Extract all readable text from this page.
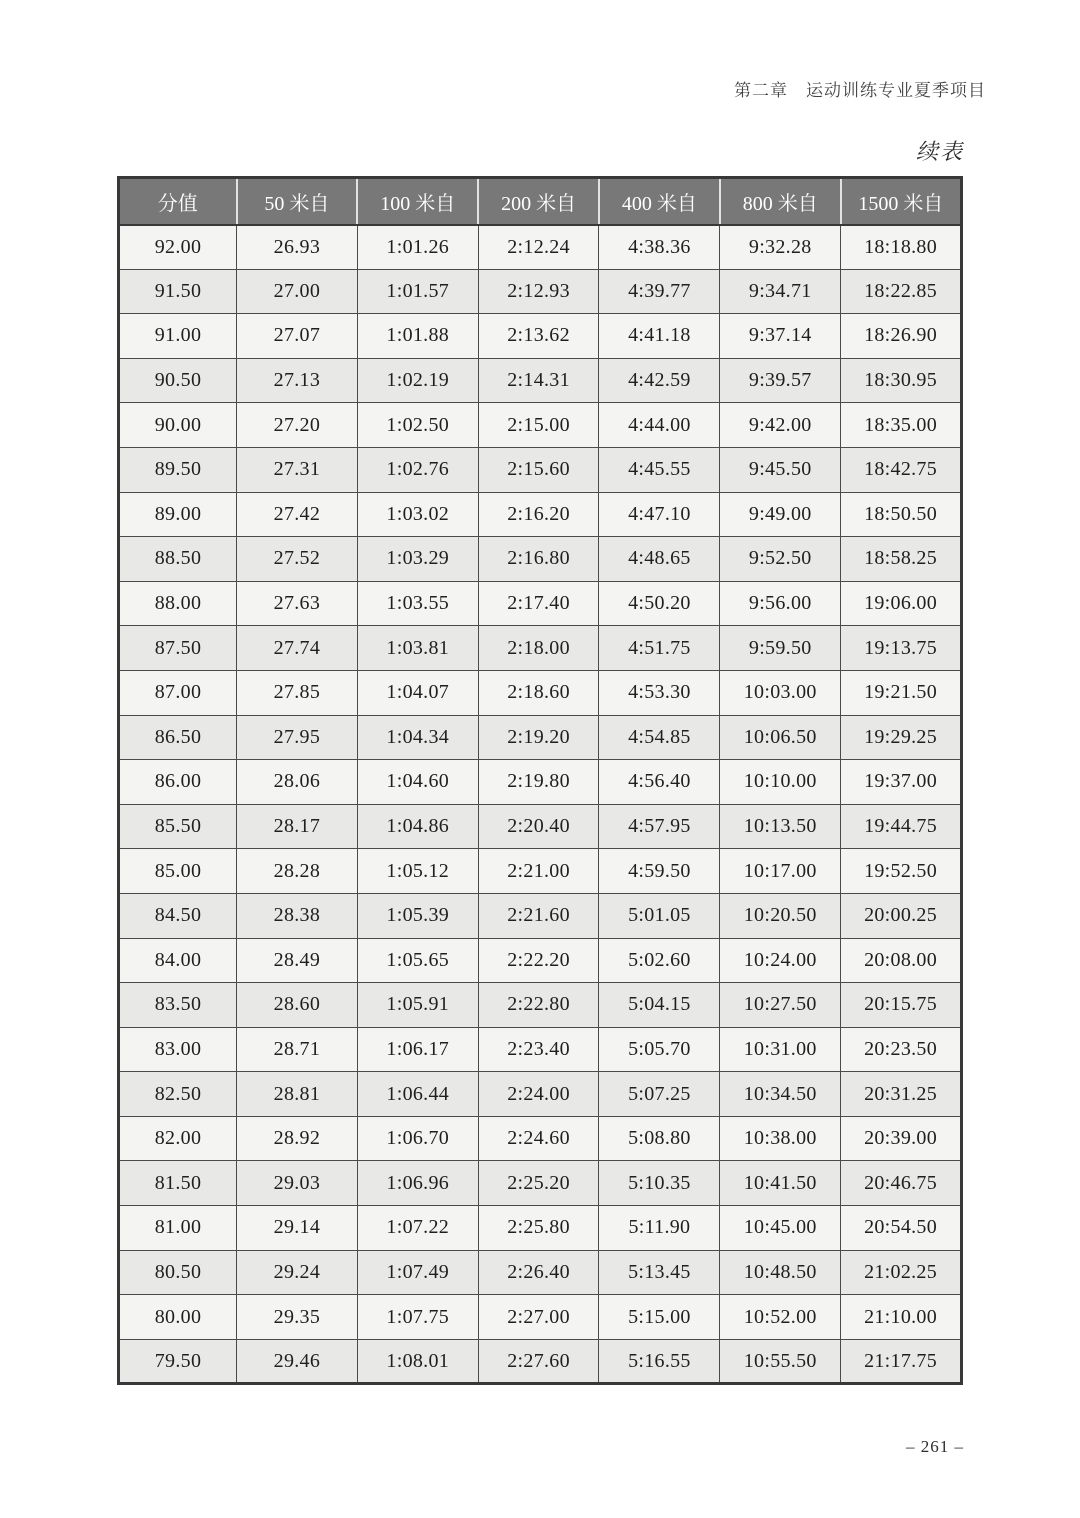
第二章　运动训练专业夏季项目
续表
分值	50 米自	100 米自	200 米自	400 米自	800 米自	1500 米自
92.00	26.93	1:01.26	2:12.24	4:38.36	9:32.28	18:18.80
91.50	27.00	1:01.57	2:12.93	4:39.77	9:34.71	18:22.85
91.00	27.07	1:01.88	2:13.62	4:41.18	9:37.14	18:26.90
90.50	27.13	1:02.19	2:14.31	4:42.59	9:39.57	18:30.95
90.00	27.20	1:02.50	2:15.00	4:44.00	9:42.00	18:35.00
89.50	27.31	1:02.76	2:15.60	4:45.55	9:45.50	18:42.75
89.00	27.42	1:03.02	2:16.20	4:47.10	9:49.00	18:50.50
88.50	27.52	1:03.29	2:16.80	4:48.65	9:52.50	18:58.25
88.00	27.63	1:03.55	2:17.40	4:50.20	9:56.00	19:06.00
87.50	27.74	1:03.81	2:18.00	4:51.75	9:59.50	19:13.75
87.00	27.85	1:04.07	2:18.60	4:53.30	10:03.00	19:21.50
86.50	27.95	1:04.34	2:19.20	4:54.85	10:06.50	19:29.25
86.00	28.06	1:04.60	2:19.80	4:56.40	10:10.00	19:37.00
85.50	28.17	1:04.86	2:20.40	4:57.95	10:13.50	19:44.75
85.00	28.28	1:05.12	2:21.00	4:59.50	10:17.00	19:52.50
84.50	28.38	1:05.39	2:21.60	5:01.05	10:20.50	20:00.25
84.00	28.49	1:05.65	2:22.20	5:02.60	10:24.00	20:08.00
83.50	28.60	1:05.91	2:22.80	5:04.15	10:27.50	20:15.75
83.00	28.71	1:06.17	2:23.40	5:05.70	10:31.00	20:23.50
82.50	28.81	1:06.44	2:24.00	5:07.25	10:34.50	20:31.25
82.00	28.92	1:06.70	2:24.60	5:08.80	10:38.00	20:39.00
81.50	29.03	1:06.96	2:25.20	5:10.35	10:41.50	20:46.75
81.00	29.14	1:07.22	2:25.80	5:11.90	10:45.00	20:54.50
80.50	29.24	1:07.49	2:26.40	5:13.45	10:48.50	21:02.25
80.00	29.35	1:07.75	2:27.00	5:15.00	10:52.00	21:10.00
79.50	29.46	1:08.01	2:27.60	5:16.55	10:55.50	21:17.75
– 261 –
